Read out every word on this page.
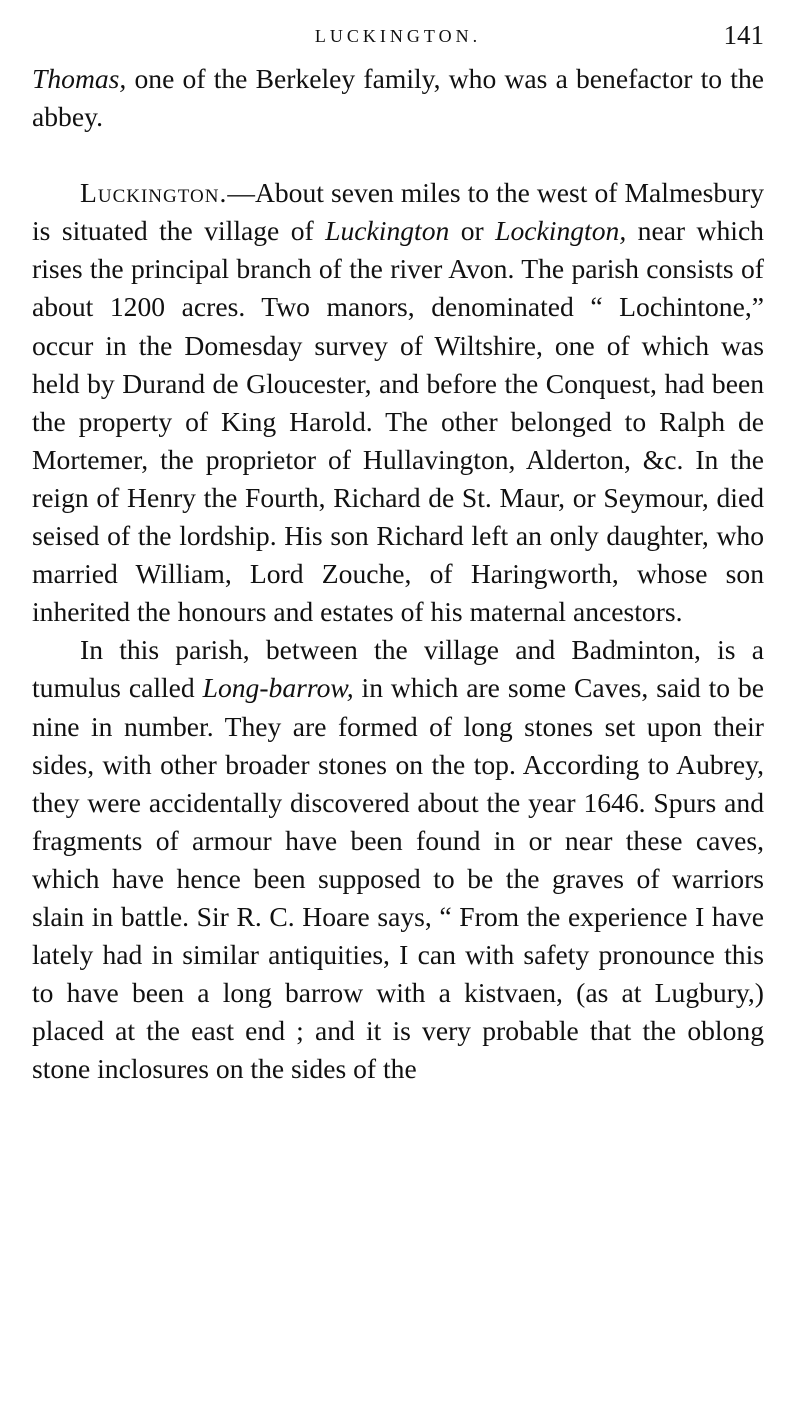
LUCKINGTON.	141

Thomas, one of the Berkeley family, who was a benefactor to the abbey.

Luckington.—About seven miles to the west of Malmesbury is situated the village of Luckington or Lockington, near which rises the principal branch of the river Avon. The parish consists of about 1200 acres. Two manors, denominated “ Lochintone,” occur in the Domesday survey of Wiltshire, one of which was held by Durand de Gloucester, and before the Conquest, had been the property of King Harold. The other belonged to Ralph de Mortemer, the proprietor of Hullavington, Alderton, &c. In the reign of Henry the Fourth, Richard de St. Maur, or Seymour, died seised of the lordship. His son Richard left an only daughter, who married William, Lord Zouche, of Haringworth, whose son inherited the honours and estates of his maternal ancestors.

In this parish, between the village and Badminton, is a tumulus called Long-barrow, in which are some Caves, said to be nine in number. They are formed of long stones set upon their sides, with other broader stones on the top. According to Aubrey, they were accidentally discovered about the year 1646. Spurs and fragments of armour have been found in or near these caves, which have hence been supposed to be the graves of warriors slain in battle. Sir R. C. Hoare says, “ From the experience I have lately had in similar antiquities, I can with safety pronounce this to have been a long barrow with a kistvaen, (as at Lugbury,) placed at the east end ; and it is very probable that the oblong stone inclosures on the sides of the
